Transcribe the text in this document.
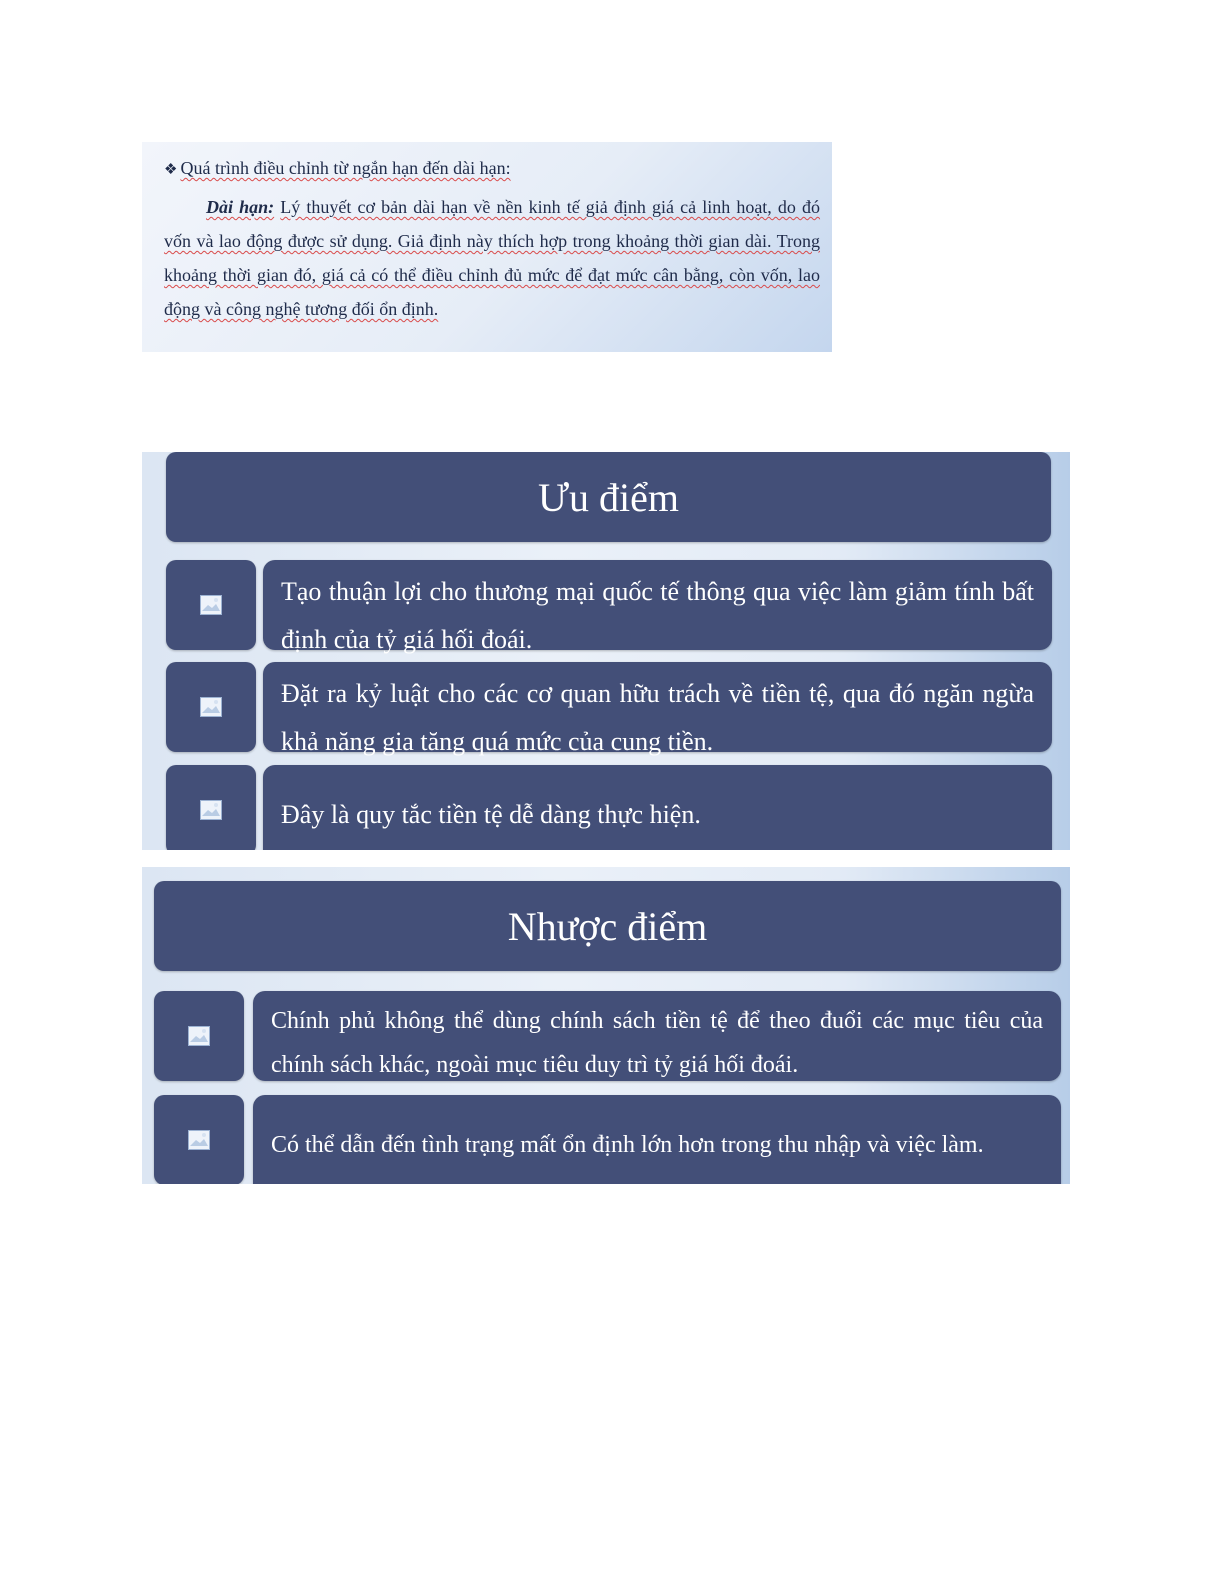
❖ Quá trình điều chỉnh từ ngắn hạn đến dài hạn:
Dài hạn: Lý thuyết cơ bản dài hạn về nền kinh tế giả định giá cả linh hoạt, do đó vốn và lao động được sử dụng. Giả định này thích hợp trong khoảng thời gian dài. Trong khoảng thời gian đó, giá cả có thể điều chỉnh đủ mức để đạt mức cân bằng, còn vốn, lao động và công nghệ tương đối ổn định.
Ưu điểm
Tạo thuận lợi cho thương mại quốc tế thông qua việc làm giảm tính bất định của tỷ giá hối đoái.
Đặt ra kỷ luật cho các cơ quan hữu trách về tiền tệ, qua đó ngăn ngừa khả năng gia tăng quá mức của cung tiền.
Đây là quy tắc tiền tệ dễ dàng thực hiện.
Nhược điểm
Chính phủ không thể dùng chính sách tiền tệ để theo đuổi các mục tiêu của chính sách khác, ngoài mục tiêu duy trì tỷ giá hối đoái.
Có thể dẫn đến tình trạng mất ổn định lớn hơn trong thu nhập và việc làm.
